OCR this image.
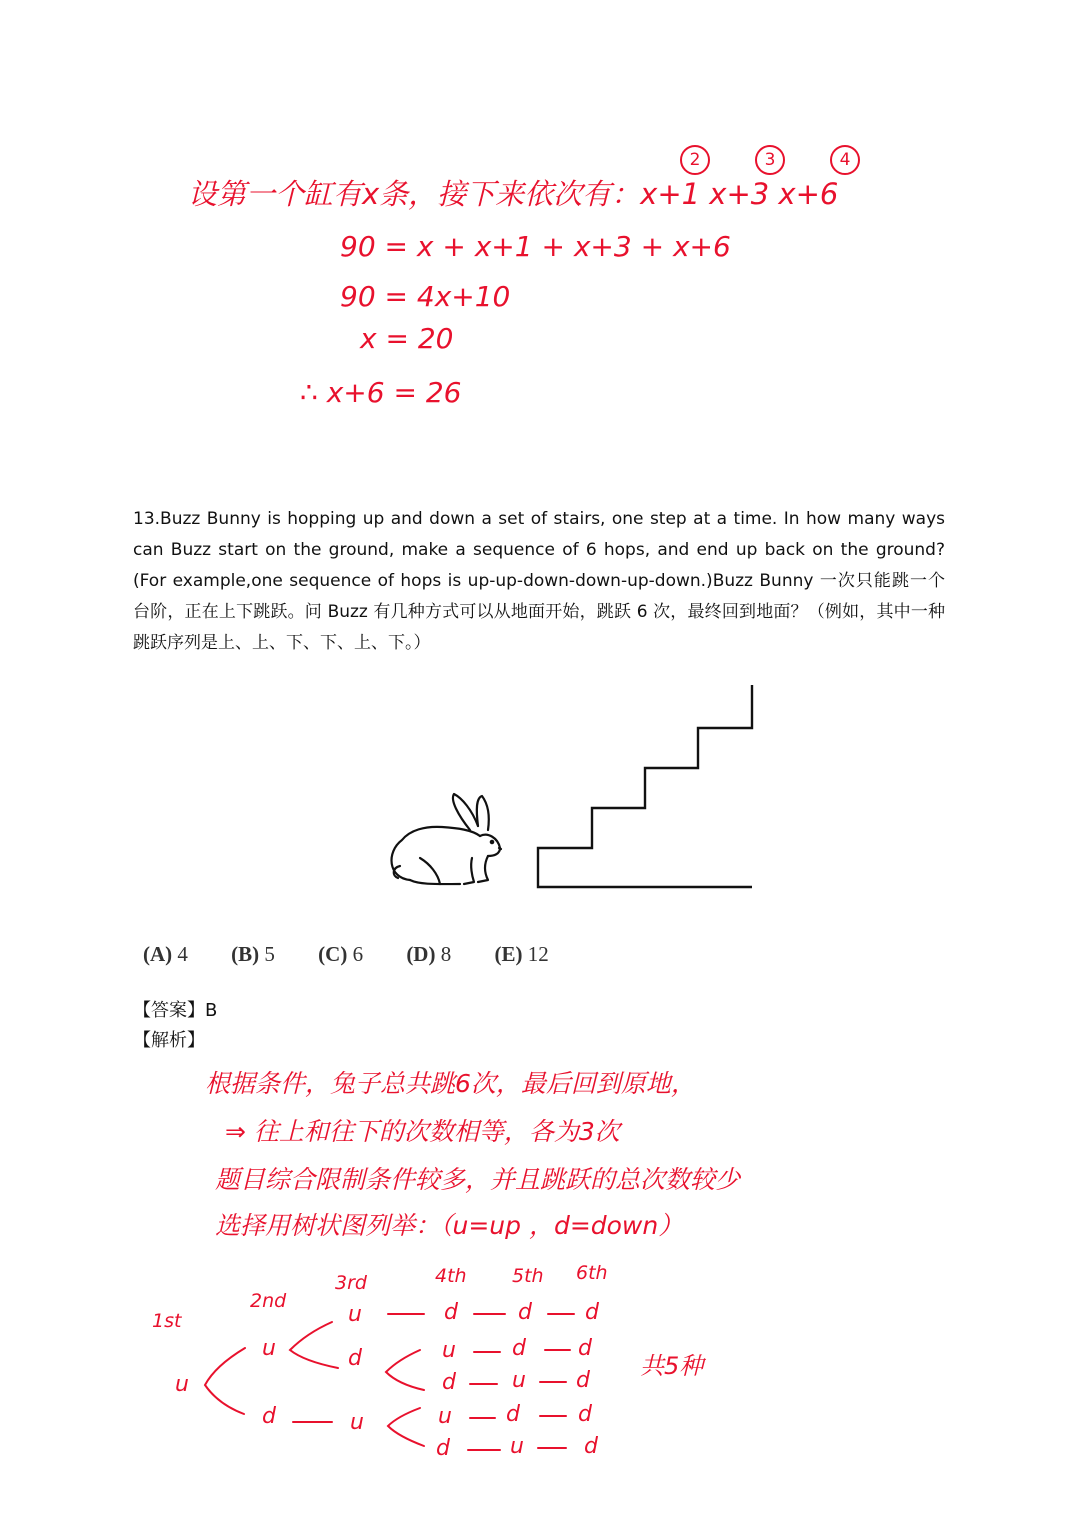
2	3	4
设第一个缸有x条，接下来依次有：x+1 x+3 x+6
90 = x + x+1 + x+3 + x+6
90 = 4x+10
x = 20
∴ x+6 = 26

13.Buzz Bunny is hopping up and down a set of stairs, one step at a time. In how many ways can Buzz start on the ground, make a sequence of 6 hops, and end up back on the ground?(For example,one sequence of hops is up-up-down-down-up-down.)Buzz Bunny 一次只能跳一个台阶，正在上下跳跃。问 Buzz 有几种方式可以从地面开始，跳跃 6 次，最终回到地面？（例如，其中一种跳跃序列是上、上、下、下、上、下。）

(A) 4 (B) 5 (C) 6 (D) 8 (E) 12
【答案】B
【解析】
根据条件，兔子总共跳6次，最后回到原地，
⇒ 往上和往下的次数相等，各为3次
题目综合限制条件较多，并且跳跃的总次数较少
选择用树状图列举：（u=up ，d=down）
1st
2nd
3rd	4th 5th 6th
u
u
d
u
d
u
d	d d
u	d d
d	u d
u d	d
d	u	d
共5种
